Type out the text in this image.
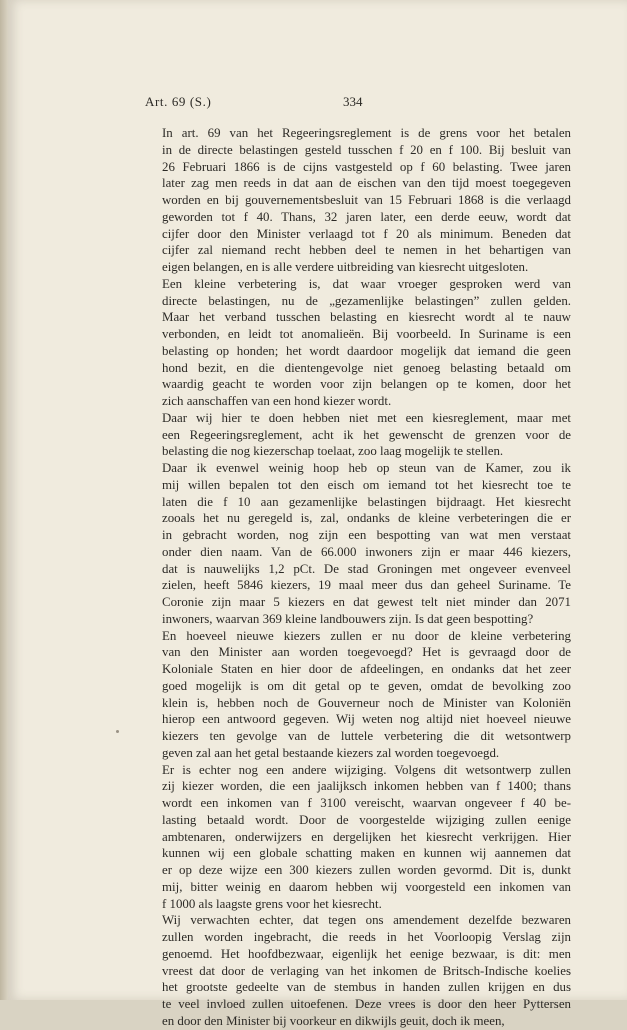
Art. 69 (S.)	334

In art. 69 van het Regeeringsreglement is de grens voor het betalen
in de directe belastingen gesteld tusschen f 20 en f 100. Bij besluit van
26 Februari 1866 is de cijns vastgesteld op f 60 belasting. Twee jaren
later zag men reeds in dat aan de eischen van den tijd moest toegegeven
worden en bij gouvernementsbesluit van 15 Februari 1868 is die verlaagd
geworden tot f 40. Thans, 32 jaren later, een derde eeuw, wordt dat
cijfer door den Minister verlaagd tot f 20 als minimum. Beneden dat
cijfer zal niemand recht hebben deel te nemen in het behartigen van
eigen belangen, en is alle verdere uitbreiding van kiesrecht uitgesloten.

Een kleine verbetering is, dat waar vroeger gesproken werd van
directe belastingen, nu de „gezamenlijke belastingen” zullen gelden.
Maar het verband tusschen belasting en kiesrecht wordt al te nauw
verbonden, en leidt tot anomalieën. Bij voorbeeld. In Suriname is een
belasting op honden; het wordt daardoor mogelijk dat iemand die geen
hond bezit, en die dientengevolge niet genoeg belasting betaald om
waardig geacht te worden voor zijn belangen op te komen, door het
zich aanschaffen van een hond kiezer wordt.

Daar wij hier te doen hebben niet met een kiesreglement, maar met
een Regeeringsreglement, acht ik het gewenscht de grenzen voor de
belasting die nog kiezerschap toelaat, zoo laag mogelijk te stellen.

Daar ik evenwel weinig hoop heb op steun van de Kamer, zou ik
mij willen bepalen tot den eisch om iemand tot het kiesrecht toe te
laten die f 10 aan gezamenlijke belastingen bijdraagt. Het kiesrecht
zooals het nu geregeld is, zal, ondanks de kleine verbeteringen die er
in gebracht worden, nog zijn een bespotting van wat men verstaat
onder dien naam. Van de 66.000 inwoners zijn er maar 446 kiezers,
dat is nauwelijks 1,2 pCt. De stad Groningen met ongeveer evenveel
zielen, heeft 5846 kiezers, 19 maal meer dus dan geheel Suriname. Te
Coronie zijn maar 5 kiezers en dat gewest telt niet minder dan 2071
inwoners, waarvan 369 kleine landbouwers zijn. Is dat geen bespotting?

En hoeveel nieuwe kiezers zullen er nu door de kleine verbetering
van den Minister aan worden toegevoegd? Het is gevraagd door de
Koloniale Staten en hier door de afdeelingen, en ondanks dat het zeer
goed mogelijk is om dit getal op te geven, omdat de bevolking zoo
klein is, hebben noch de Gouverneur noch de Minister van Koloniën
hierop een antwoord gegeven. Wij weten nog altijd niet hoeveel nieuwe
kiezers ten gevolge van de luttele verbetering die dit wetsontwerp
geven zal aan het getal bestaande kiezers zal worden toegevoegd.

Er is echter nog een andere wijziging. Volgens dit wetsontwerp zullen
zij kiezer worden, die een jaalijksch inkomen hebben van f 1400; thans
wordt een inkomen van f 3100 vereischt, waarvan ongeveer f 40 be-
lasting betaald wordt. Door de voorgestelde wijziging zullen eenige
ambtenaren, onderwijzers en dergelijken het kiesrecht verkrijgen. Hier
kunnen wij een globale schatting maken en kunnen wij aannemen dat
er op deze wijze een 300 kiezers zullen worden gevormd. Dit is, dunkt
mij, bitter weinig en daarom hebben wij voorgesteld een inkomen van
f 1000 als laagste grens voor het kiesrecht.

Wij verwachten echter, dat tegen ons amendement dezelfde bezwaren
zullen worden ingebracht, die reeds in het Voorloopig Verslag zijn
genoemd. Het hoofdbezwaar, eigenlijk het eenige bezwaar, is dit: men
vreest dat door de verlaging van het inkomen de Britsch-Indische koelies
het grootste gedeelte van de stembus in handen zullen krijgen en dus
te veel invloed zullen uitoefenen. Deze vrees is door den heer Pyttersen
en door den Minister bij voorkeur en dikwijls geuit, doch ik meen,
